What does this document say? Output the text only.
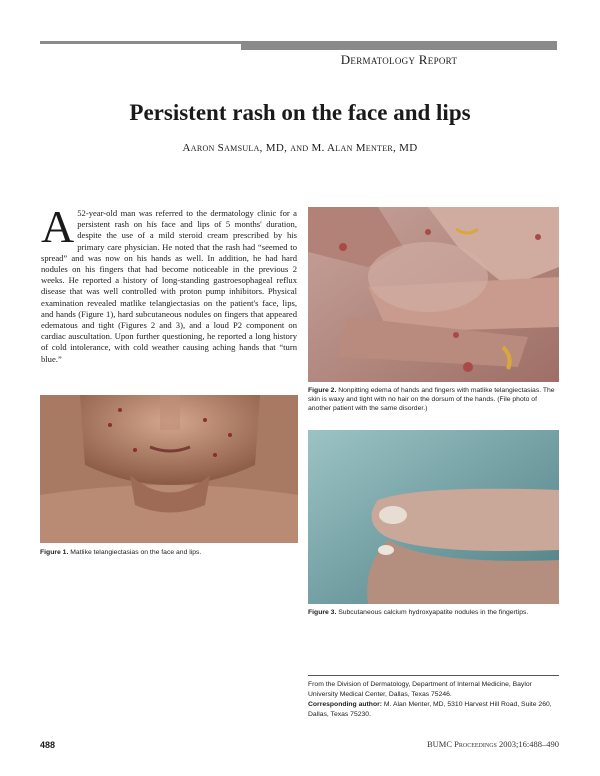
Dermatology Report
Persistent rash on the face and lips
Aaron Samsula, MD, and M. Alan Menter, MD
A 52-year-old man was referred to the dermatology clinic for a persistent rash on his face and lips of 5 months' duration, despite the use of a mild steroid cream prescribed by his primary care physician. He noted that the rash had “seemed to spread” and was now on his hands as well. In addition, he had hard nodules on his fingers that had become noticeable in the previous 2 weeks. He reported a history of long-standing gastroesophageal reflux disease that was well controlled with proton pump inhibitors. Physical examination revealed matlike telangiectasias on the patient's face, lips, and hands (Figure 1), hard subcutaneous nodules on fingers that appeared edematous and tight (Figures 2 and 3), and a loud P2 component on cardiac auscultation. Upon further questioning, he reported a long history of cold intolerance, with cold weather causing aching hands that “turn blue.”
Figure 2. Nonpitting edema of hands and fingers with matlike telangiectasias. The skin is waxy and tight with no hair on the dorsum of the hands. (File photo of another patient with the same disorder.)
Figure 1. Matlike telangiectasias on the face and lips.
Figure 3. Subcutaneous calcium hydroxyapatite nodules in the fingertips.
From the Division of Dermatology, Department of Internal Medicine, Baylor University Medical Center, Dallas, Texas 75246.
Corresponding author: M. Alan Menter, MD, 5310 Harvest Hill Road, Suite 260, Dallas, Texas 75230.
488	BUMC Proceedings 2003;16:488–490
